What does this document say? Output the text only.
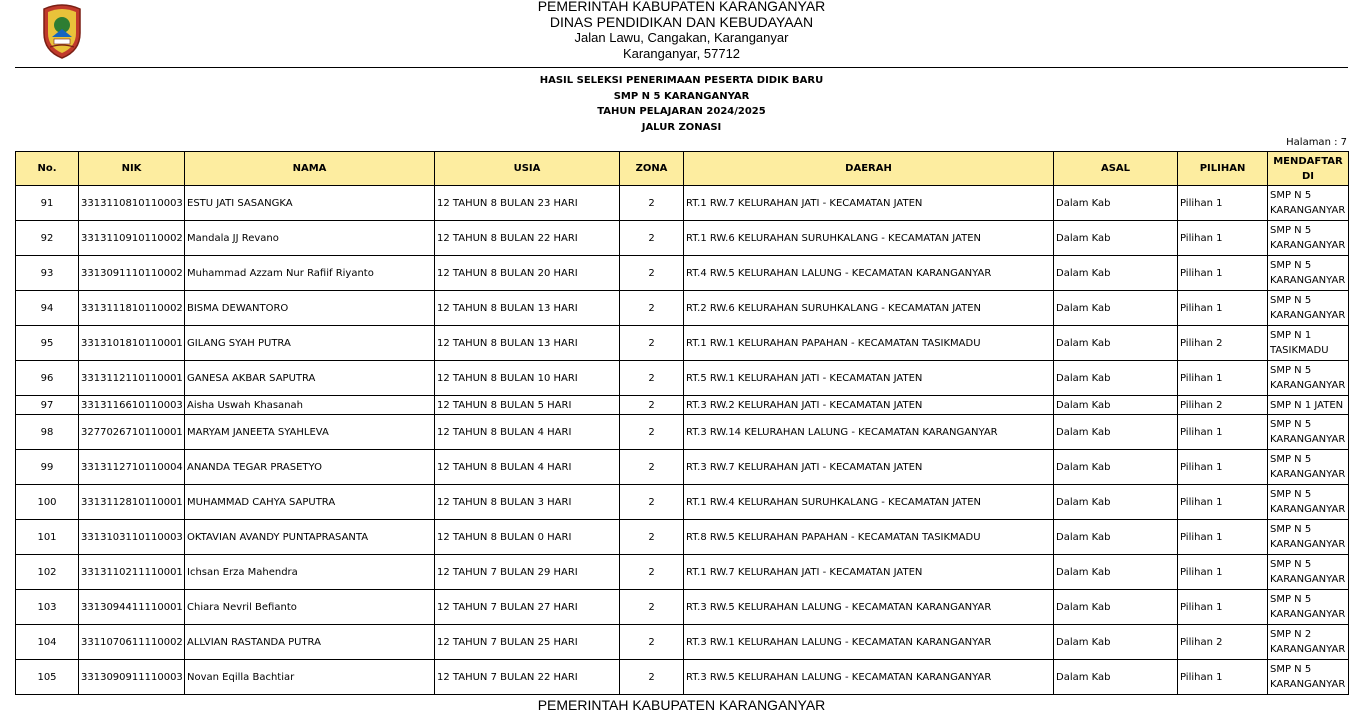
PEMERINTAH KABUPATEN KARANGANYAR
DINAS PENDIDIKAN DAN KEBUDAYAAN
Jalan Lawu, Cangakan, Karanganyar
Karanganyar, 57712
HASIL SELEKSI PENERIMAAN PESERTA DIDIK BARU
SMP N 5 KARANGANYAR
TAHUN PELAJARAN 2024/2025
JALUR ZONASI
Halaman : 7
No.	NIK	NAMA	USIA	ZONA	DAERAH	ASAL	PILIHAN	MENDAFTAR DI
91	3313110810110003	ESTU JATI SASANGKA	12 TAHUN 8 BULAN 23 HARI	2	RT.1 RW.7 KELURAHAN JATI - KECAMATAN JATEN	Dalam Kab	Pilihan 1	SMP N 5 KARANGANYAR
92	3313110910110002	Mandala JJ Revano	12 TAHUN 8 BULAN 22 HARI	2	RT.1 RW.6 KELURAHAN SURUHKALANG - KECAMATAN JATEN	Dalam Kab	Pilihan 1	SMP N 5 KARANGANYAR
93	3313091110110002	Muhammad Azzam Nur Rafiif Riyanto	12 TAHUN 8 BULAN 20 HARI	2	RT.4 RW.5 KELURAHAN LALUNG - KECAMATAN KARANGANYAR	Dalam Kab	Pilihan 1	SMP N 5 KARANGANYAR
94	3313111810110002	BISMA DEWANTORO	12 TAHUN 8 BULAN 13 HARI	2	RT.2 RW.6 KELURAHAN SURUHKALANG - KECAMATAN JATEN	Dalam Kab	Pilihan 1	SMP N 5 KARANGANYAR
95	3313101810110001	GILANG SYAH PUTRA	12 TAHUN 8 BULAN 13 HARI	2	RT.1 RW.1 KELURAHAN PAPAHAN - KECAMATAN TASIKMADU	Dalam Kab	Pilihan 2	SMP N 1 TASIKMADU
96	3313112110110001	GANESA AKBAR SAPUTRA	12 TAHUN 8 BULAN 10 HARI	2	RT.5 RW.1 KELURAHAN JATI - KECAMATAN JATEN	Dalam Kab	Pilihan 1	SMP N 5 KARANGANYAR
97	3313116610110003	Aisha Uswah Khasanah	12 TAHUN 8 BULAN 5 HARI	2	RT.3 RW.2 KELURAHAN JATI - KECAMATAN JATEN	Dalam Kab	Pilihan 2	SMP N 1 JATEN
98	3277026710110001	MARYAM JANEETA SYAHLEVA	12 TAHUN 8 BULAN 4 HARI	2	RT.3 RW.14 KELURAHAN LALUNG - KECAMATAN KARANGANYAR	Dalam Kab	Pilihan 1	SMP N 5 KARANGANYAR
99	3313112710110004	ANANDA TEGAR PRASETYO	12 TAHUN 8 BULAN 4 HARI	2	RT.3 RW.7 KELURAHAN JATI - KECAMATAN JATEN	Dalam Kab	Pilihan 1	SMP N 5 KARANGANYAR
100	3313112810110001	MUHAMMAD CAHYA SAPUTRA	12 TAHUN 8 BULAN 3 HARI	2	RT.1 RW.4 KELURAHAN SURUHKALANG - KECAMATAN JATEN	Dalam Kab	Pilihan 1	SMP N 5 KARANGANYAR
101	3313103110110003	OKTAVIAN AVANDY PUNTAPRASANTA	12 TAHUN 8 BULAN 0 HARI	2	RT.8 RW.5 KELURAHAN PAPAHAN - KECAMATAN TASIKMADU	Dalam Kab	Pilihan 1	SMP N 5 KARANGANYAR
102	3313110211110001	Ichsan Erza Mahendra	12 TAHUN 7 BULAN 29 HARI	2	RT.1 RW.7 KELURAHAN JATI - KECAMATAN JATEN	Dalam Kab	Pilihan 1	SMP N 5 KARANGANYAR
103	3313094411110001	Chiara Nevril Befianto	12 TAHUN 7 BULAN 27 HARI	2	RT.3 RW.5 KELURAHAN LALUNG - KECAMATAN KARANGANYAR	Dalam Kab	Pilihan 1	SMP N 5 KARANGANYAR
104	3311070611110002	ALLVIAN RASTANDA PUTRA	12 TAHUN 7 BULAN 25 HARI	2	RT.3 RW.1 KELURAHAN LALUNG - KECAMATAN KARANGANYAR	Dalam Kab	Pilihan 2	SMP N 2 KARANGANYAR
105	3313090911110003	Novan Eqilla Bachtiar	12 TAHUN 7 BULAN 22 HARI	2	RT.3 RW.5 KELURAHAN LALUNG - KECAMATAN KARANGANYAR	Dalam Kab	Pilihan 1	SMP N 5 KARANGANYAR
PEMERINTAH KABUPATEN KARANGANYAR
